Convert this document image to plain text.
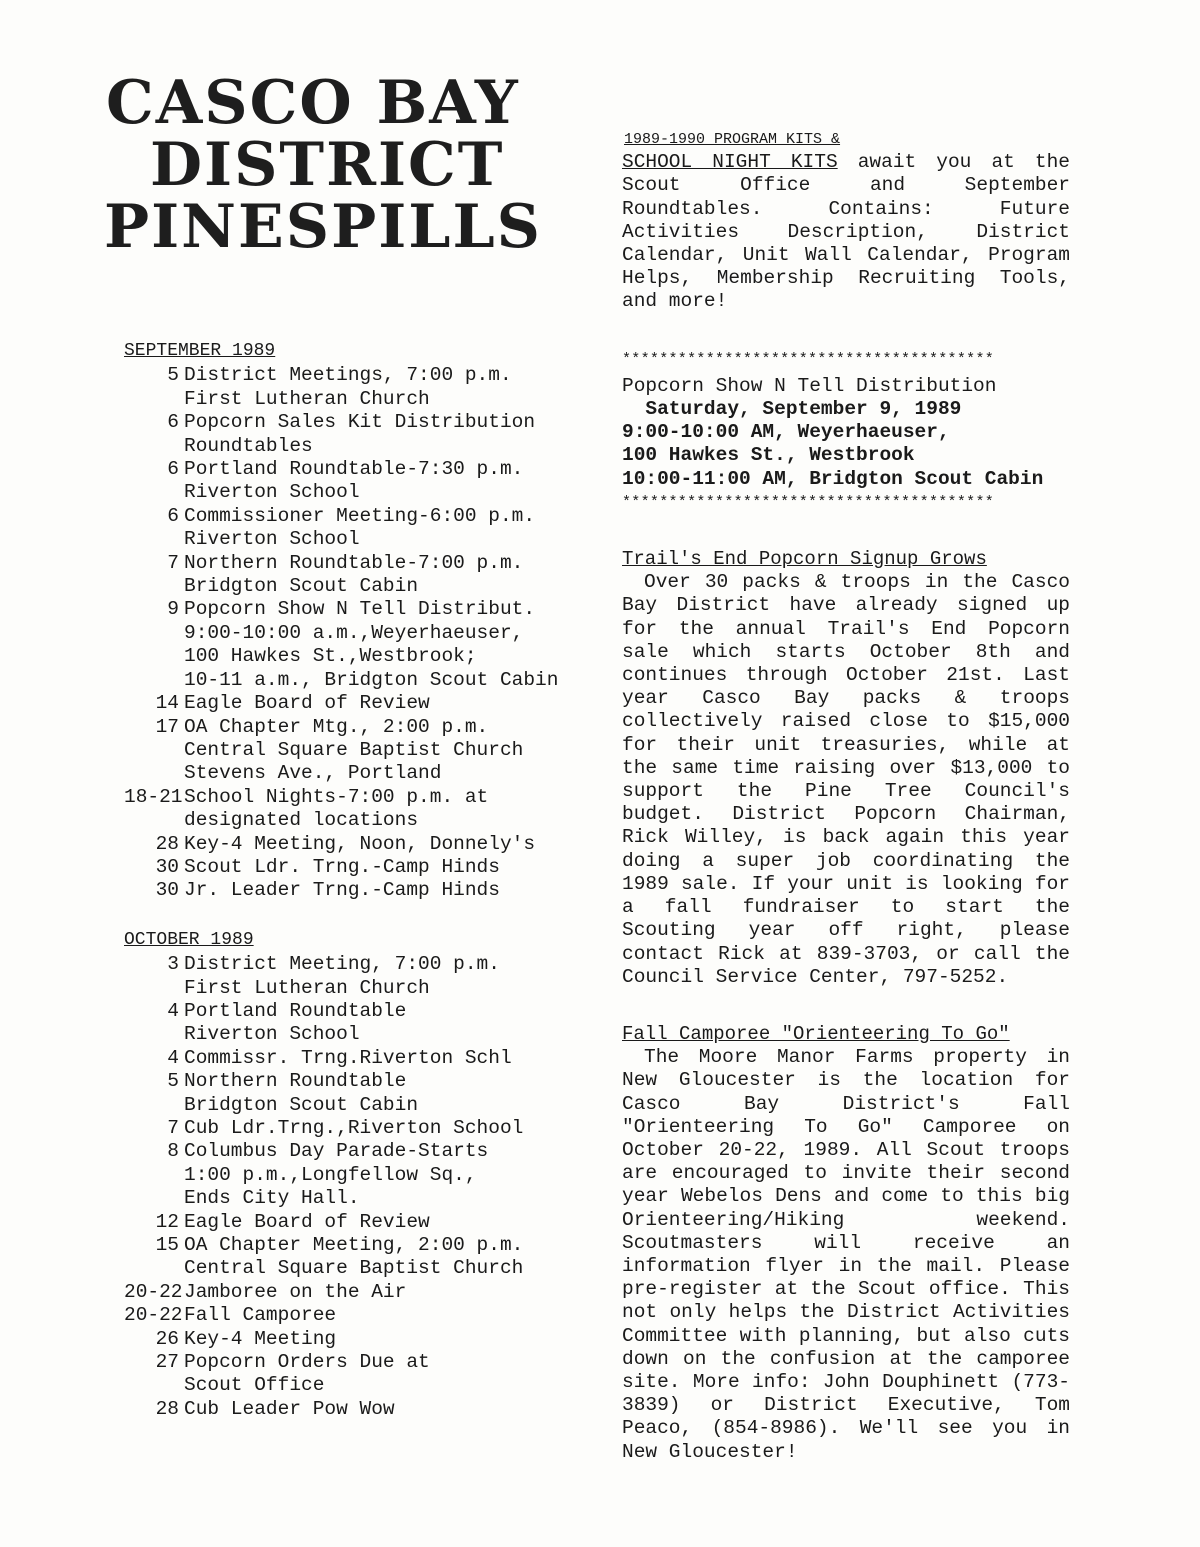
CASCO BAY
DISTRICT
PINESPILLS
SEPTEMBER 1989
5 District Meetings, 7:00 p.m.
First Lutheran Church
6 Popcorn Sales Kit Distribution
Roundtables
6 Portland Roundtable-7:30 p.m.
Riverton School
6 Commissioner Meeting-6:00 p.m.
Riverton School
7 Northern Roundtable-7:00 p.m.
Bridgton Scout Cabin
9 Popcorn Show N Tell Distribut.
9:00-10:00 a.m.,Weyerhaeuser,
100 Hawkes St.,Westbrook;
10-11 a.m., Bridgton Scout Cabin
14 Eagle Board of Review
17 OA Chapter Mtg., 2:00 p.m.
Central Square Baptist Church
Stevens Ave., Portland
18-21 School Nights-7:00 p.m. at
designated locations
28 Key-4 Meeting, Noon, Donnely's
30 Scout Ldr. Trng.-Camp Hinds
30 Jr. Leader Trng.-Camp Hinds
OCTOBER 1989
3 District Meeting, 7:00 p.m.
First Lutheran Church
4 Portland Roundtable
Riverton School
4 Commissr. Trng.Riverton Schl
5 Northern Roundtable
Bridgton Scout Cabin
7 Cub Ldr.Trng.,Riverton School
8 Columbus Day Parade-Starts
1:00 p.m.,Longfellow Sq.,
Ends City Hall.
12 Eagle Board of Review
15 OA Chapter Meeting, 2:00 p.m.
Central Square Baptist Church
20-22 Jamboree on the Air
20-22 Fall Camporee
26 Key-4 Meeting
27 Popcorn Orders Due at
Scout Office
28 Cub Leader Pow Wow
1989-1990 PROGRAM KITS &
SCHOOL NIGHT KITS await you at the Scout Office and September Roundtables. Contains: Future Activities Description, District Calendar, Unit Wall Calendar, Program Helps, Membership Recruiting Tools, and more!
****************************************
Popcorn Show N Tell Distribution
Saturday, September 9, 1989
9:00-10:00 AM, Weyerhaeuser,
100 Hawkes St., Westbrook
10:00-11:00 AM, Bridgton Scout Cabin
****************************************
Trail's End Popcorn Signup Grows
Over 30 packs & troops in the Casco Bay District have already signed up for the annual Trail's End Popcorn sale which starts October 8th and continues through October 21st. Last year Casco Bay packs & troops collectively raised close to $15,000 for their unit treasuries, while at the same time raising over $13,000 to support the Pine Tree Council's budget. District Popcorn Chairman, Rick Willey, is back again this year doing a super job coordinating the 1989 sale. If your unit is looking for a fall fundraiser to start the Scouting year off right, please contact Rick at 839-3703, or call the Council Service Center, 797-5252.
Fall Camporee "Orienteering To Go"
The Moore Manor Farms property in New Gloucester is the location for Casco Bay District's Fall "Orienteering To Go" Camporee on October 20-22, 1989. All Scout troops are encouraged to invite their second year Webelos Dens and come to this big Orienteering/Hiking weekend. Scoutmasters will receive an information flyer in the mail. Please pre-register at the Scout office. This not only helps the District Activities Committee with planning, but also cuts down on the confusion at the camporee site. More info: John Douphinett (773-3839) or District Executive, Tom Peaco, (854-8986). We'll see you in New Gloucester!
